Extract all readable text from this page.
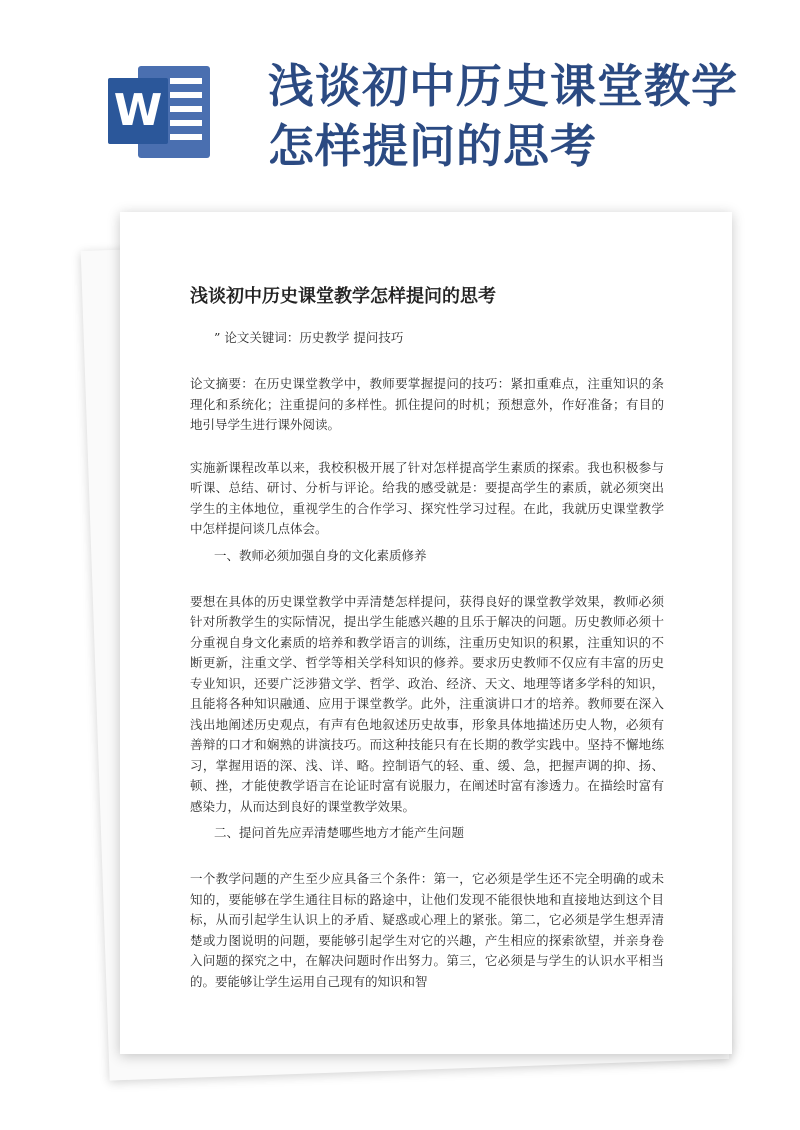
W 浅谈初中历史课堂教学
怎样提问的思考
浅谈初中历史课堂教学怎样提问的思考
” 论文关键词：历史教学 提问技巧

论文摘要：在历史课堂教学中，教师要掌握提问的技巧：紧扣重难点，注重知识的条理化和系统化；注重提问的多样性。抓住提问的时机；预想意外，作好准备；有目的地引导学生进行课外阅读。

实施新课程改革以来，我校积极开展了针对怎样提高学生素质的探索。我也积极参与听课、总结、研讨、分析与评论。给我的感受就是：要提高学生的素质，就必须突出学生的主体地位，重视学生的合作学习、探究性学习过程。在此，我就历史课堂教学中怎样提问谈几点体会。

一、教师必须加强自身的文化素质修养

要想在具体的历史课堂教学中弄清楚怎样提问，获得良好的课堂教学效果，教师必须针对所教学生的实际情况，提出学生能感兴趣的且乐于解决的问题。历史教师必须十分重视自身文化素质的培养和教学语言的训练，注重历史知识的积累，注重知识的不断更新，注重文学、哲学等相关学科知识的修养。要求历史教师不仅应有丰富的历史专业知识，还要广泛涉猎文学、哲学、政治、经济、天文、地理等诸多学科的知识，且能将各种知识融通、应用于课堂教学。此外，注重演讲口才的培养。教师要在深入浅出地阐述历史观点，有声有色地叙述历史故事，形象具体地描述历史人物，必须有善辩的口才和娴熟的讲演技巧。而这种技能只有在长期的教学实践中。坚持不懈地练习，掌握用语的深、浅、详、略。控制语气的轻、重、缓、急，把握声调的抑、扬、顿、挫，才能使教学语言在论证时富有说服力，在阐述时富有渗透力。在描绘时富有感染力，从而达到良好的课堂教学效果。

二、提问首先应弄清楚哪些地方才能产生问题

一个教学问题的产生至少应具备三个条件：第一，它必须是学生还不完全明确的或未知的，要能够在学生通往目标的路途中，让他们发现不能很快地和直接地达到这个目标，从而引起学生认识上的矛盾、疑惑或心理上的紧张。第二，它必须是学生想弄清楚或力图说明的问题，要能够引起学生对它的兴趣，产生相应的探索欲望，并亲身卷入问题的探究之中，在解决问题时作出努力。第三，它必须是与学生的认识水平相当的。要能够让学生运用自己现有的知识和智
